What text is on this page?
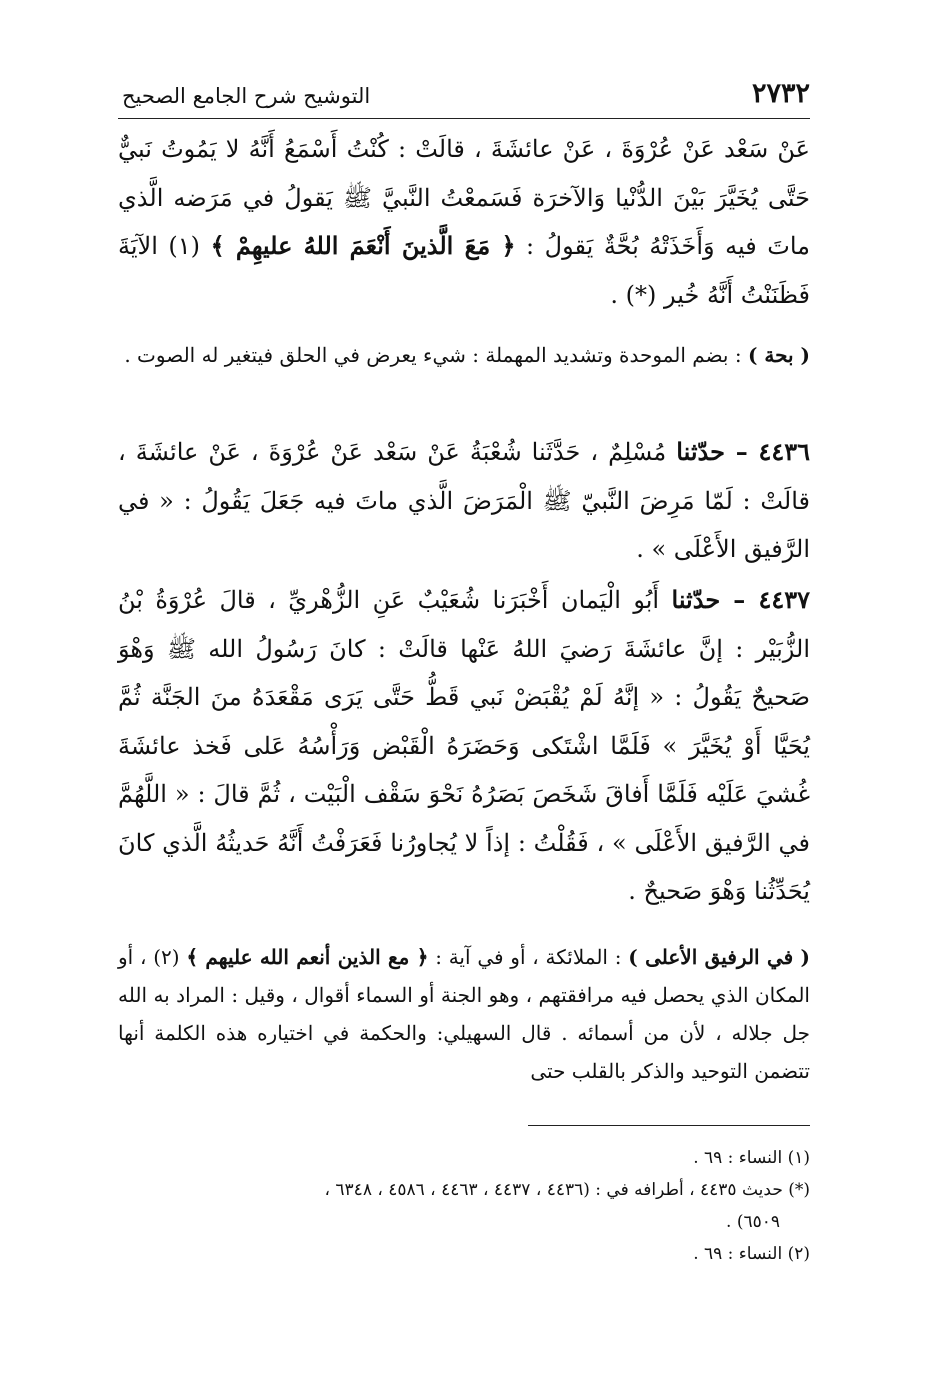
٢٧٣٢
التوشيح شرح الجامع الصحيح

عَنْ سَعْد عَنْ عُرْوَةَ ، عَنْ عائشَةَ ، قالَتْ : كُنْتُ أَسْمَعُ أَنَّهُ لا يَمُوتُ نَبيٌّ حَتَّى يُخَيَّرَ بَيْنَ الدُّنْيا وَالآخرَة فَسَمعْتُ النَّبيَّ ﷺ يَقولُ في مَرَضه الَّذي ماتَ فيه وَأَخَذَتْهُ بُحَّةٌ يَقولُ : ﴿ مَعَ الَّذينَ أَنْعَمَ اللهُ عليهِمْ ﴾ (١) الآيَةَ فَظَنَنْتُ أَنَّهُ خُير (*) .

( بحة ) : بضم الموحدة وتشديد المهملة : شيء يعرض في الحلق فيتغير له الصوت .

٤٤٣٦ – حدّثنا مُسْلِمٌ ، حَدَّثَنا شُعْبَةُ عَنْ سَعْد عَنْ عُرْوَةَ ، عَنْ عائشَةَ ، قالَتْ : لَمّا مَرِضَ النَّبيّ ﷺ الْمَرَضَ الَّذي ماتَ فيه جَعَلَ يَقُولُ : « في الرَّفيق الأَعْلَى » .

٤٤٣٧ – حدّثنا أَبُو الْيَمان أَخْبَرَنا شُعَيْبٌ عَنِ الزُّهْريِّ ، قالَ عُرْوَةُ بْنُ الزُّبَيْر : إنَّ عائشَةَ رَضيَ اللهُ عَنْها قالَتْ : كانَ رَسُولُ الله ﷺ وَهْوَ صَحيحٌ يَقُولُ : « إنَّهُ لَمْ يُقْبَضْ نَبي قَطُّ حَتَّى يَرَى مَقْعَدَهُ منَ الجَنَّة ثُمَّ يُحَيَّا أَوْ يُخَيَّرَ » فَلَمَّا اشْتَكى وَحَضَرَهُ الْقَبْض وَرَأْسُهُ عَلى فَخذ عائشَةَ غُشيَ عَلَيْه فَلَمَّا أَفاقَ شَخَصَ بَصَرُهُ نَحْوَ سَقْف الْبَيْت ، ثُمَّ قالَ : « اللَّهُمَّ في الرَّفيق الأَعْلَى » ، فَقُلْتُ : إذاً لا يُجاورُنا فَعَرَفْتُ أَنَّهُ حَديثُهُ الَّذي كانَ يُحَدِّثُنا وَهْوَ صَحيحٌ .

( في الرفيق الأعلى ) : الملائكة ، أو في آية : ﴿ مع الذين أنعم الله عليهم ﴾ (٢) ، أو المكان الذي يحصل فيه مرافقتهم ، وهو الجنة أو السماء أقوال ، وقيل : المراد به الله جل جلاله ، لأن من أسمائه . قال السهيلي: والحكمة في اختياره هذه الكلمة أنها تتضمن التوحيد والذكر بالقلب حتى

(١) النساء : ٦٩ .

(*) حديث ٤٤٣٥ ، أطرافه في : (٤٤٣٦ ، ٤٤٣٧ ، ٤٤٦٣ ، ٤٥٨٦ ، ٦٣٤٨ ،

٦٥٠٩) .

(٢) النساء : ٦٩ .
